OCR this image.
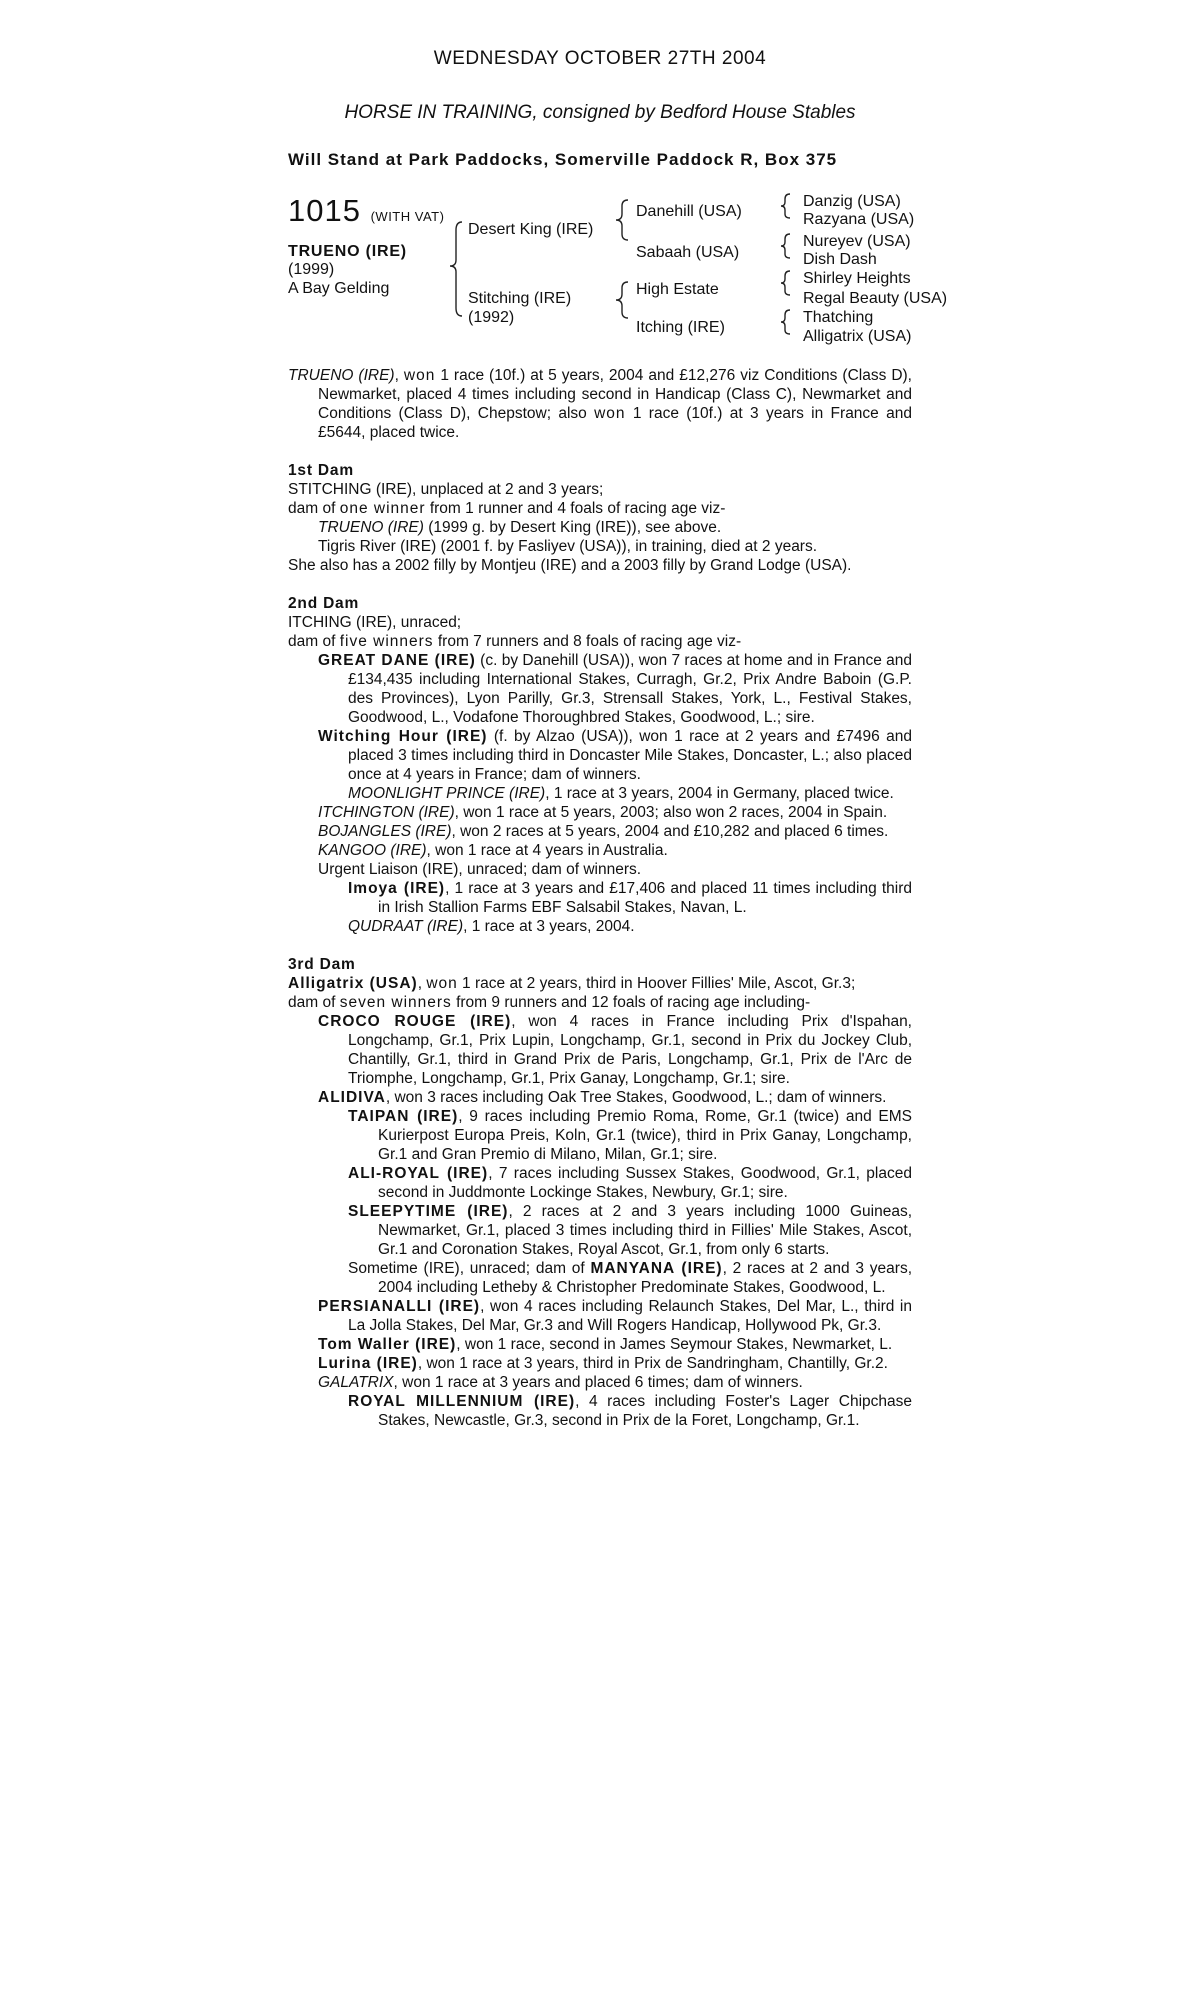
WEDNESDAY OCTOBER 27TH 2004
HORSE IN TRAINING, consigned by Bedford House Stables
Will Stand at Park Paddocks, Somerville Paddock R, Box 375
1015 (WITH VAT)
TRUENO (IRE)
(1999)
A Bay Gelding
Desert King (IRE)
Stitching (IRE)
(1992)
Danehill (USA)
Sabaah (USA)
High Estate
Itching (IRE)
Danzig (USA)
Razyana (USA)
Nureyev (USA)
Dish Dash
Shirley Heights
Regal Beauty (USA)
Thatching
Alligatrix (USA)

TRUENO (IRE), won 1 race (10f.) at 5 years, 2004 and £12,276 viz Conditions (Class D), Newmarket, placed 4 times including second in Handicap (Class C), Newmarket and Conditions (Class D), Chepstow; also won 1 race (10f.) at 3 years in France and £5644, placed twice.

1st Dam

STITCHING (IRE), unplaced at 2 and 3 years;

dam of one winner from 1 runner and 4 foals of racing age viz-

TRUENO (IRE) (1999 g. by Desert King (IRE)), see above.

Tigris River (IRE) (2001 f. by Fasliyev (USA)), in training, died at 2 years.

She also has a 2002 filly by Montjeu (IRE) and a 2003 filly by Grand Lodge (USA).

2nd Dam

ITCHING (IRE), unraced;

dam of five winners from 7 runners and 8 foals of racing age viz-

GREAT DANE (IRE) (c. by Danehill (USA)), won 7 races at home and in France and £134,435 including International Stakes, Curragh, Gr.2, Prix Andre Baboin (G.P. des Provinces), Lyon Parilly, Gr.3, Strensall Stakes, York, L., Festival Stakes, Goodwood, L., Vodafone Thoroughbred Stakes, Goodwood, L.; sire.

Witching Hour (IRE) (f. by Alzao (USA)), won 1 race at 2 years and £7496 and placed 3 times including third in Doncaster Mile Stakes, Doncaster, L.; also placed once at 4 years in France; dam of winners.

MOONLIGHT PRINCE (IRE), 1 race at 3 years, 2004 in Germany, placed twice.

ITCHINGTON (IRE), won 1 race at 5 years, 2003; also won 2 races, 2004 in Spain.

BOJANGLES (IRE), won 2 races at 5 years, 2004 and £10,282 and placed 6 times.

KANGOO (IRE), won 1 race at 4 years in Australia.

Urgent Liaison (IRE), unraced; dam of winners.

Imoya (IRE), 1 race at 3 years and £17,406 and placed 11 times including third in Irish Stallion Farms EBF Salsabil Stakes, Navan, L.

QUDRAAT (IRE), 1 race at 3 years, 2004.

3rd Dam

Alligatrix (USA), won 1 race at 2 years, third in Hoover Fillies' Mile, Ascot, Gr.3;

dam of seven winners from 9 runners and 12 foals of racing age including-

CROCO ROUGE (IRE), won 4 races in France including Prix d'Ispahan, Longchamp, Gr.1, Prix Lupin, Longchamp, Gr.1, second in Prix du Jockey Club, Chantilly, Gr.1, third in Grand Prix de Paris, Longchamp, Gr.1, Prix de l'Arc de Triomphe, Longchamp, Gr.1, Prix Ganay, Longchamp, Gr.1; sire.

ALIDIVA, won 3 races including Oak Tree Stakes, Goodwood, L.; dam of winners.

TAIPAN (IRE), 9 races including Premio Roma, Rome, Gr.1 (twice) and EMS Kurierpost Europa Preis, Koln, Gr.1 (twice), third in Prix Ganay, Longchamp, Gr.1 and Gran Premio di Milano, Milan, Gr.1; sire.

ALI-ROYAL (IRE), 7 races including Sussex Stakes, Goodwood, Gr.1, placed second in Juddmonte Lockinge Stakes, Newbury, Gr.1; sire.

SLEEPYTIME (IRE), 2 races at 2 and 3 years including 1000 Guineas, Newmarket, Gr.1, placed 3 times including third in Fillies' Mile Stakes, Ascot, Gr.1 and Coronation Stakes, Royal Ascot, Gr.1, from only 6 starts.

Sometime (IRE), unraced; dam of MANYANA (IRE), 2 races at 2 and 3 years, 2004 including Letheby & Christopher Predominate Stakes, Goodwood, L.

PERSIANALLI (IRE), won 4 races including Relaunch Stakes, Del Mar, L., third in La Jolla Stakes, Del Mar, Gr.3 and Will Rogers Handicap, Hollywood Pk, Gr.3.

Tom Waller (IRE), won 1 race, second in James Seymour Stakes, Newmarket, L.

Lurina (IRE), won 1 race at 3 years, third in Prix de Sandringham, Chantilly, Gr.2.

GALATRIX, won 1 race at 3 years and placed 6 times; dam of winners.

ROYAL MILLENNIUM (IRE), 4 races including Foster's Lager Chipchase Stakes, Newcastle, Gr.3, second in Prix de la Foret, Longchamp, Gr.1.
